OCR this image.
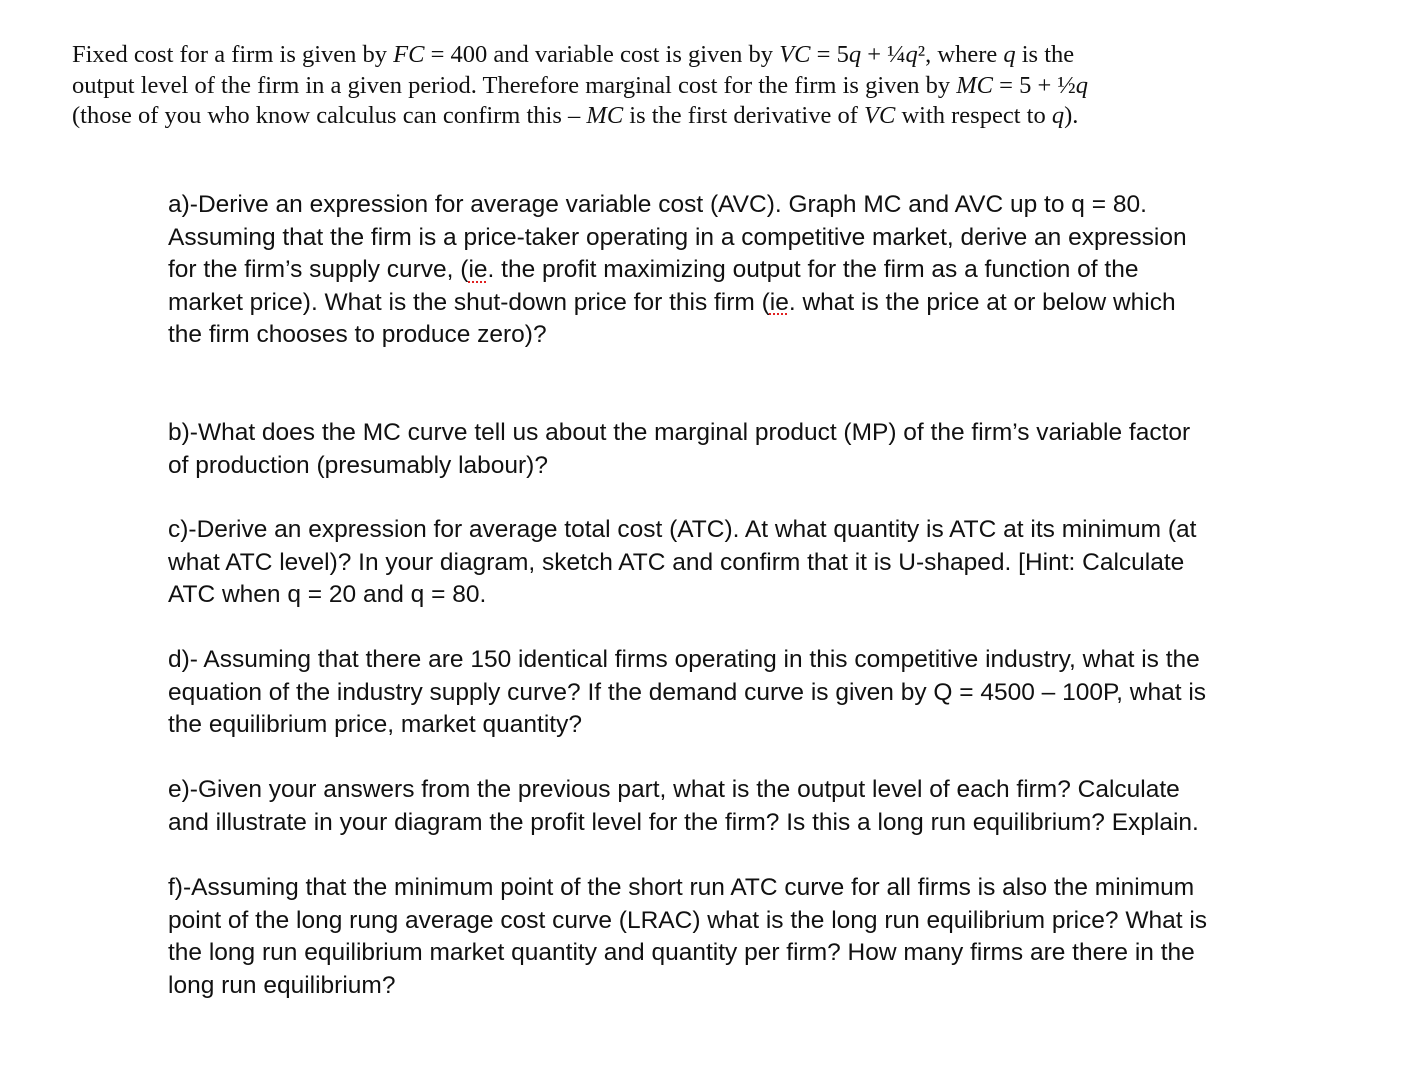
Fixed cost for a firm is given by FC = 400 and variable cost is given by VC = 5q + ¼q², where q is the
output level of the firm in a given period. Therefore marginal cost for the firm is given by MC = 5 + ½q
(those of you who know calculus can confirm this – MC is the first derivative of VC with respect to q).

a)-Derive an expression for average variable cost (AVC). Graph MC and AVC up to q = 80.
Assuming that the firm is a price-taker operating in a competitive market, derive an expression
for the firm’s supply curve, (ie. the profit maximizing output for the firm as a function of the
market price). What is the shut-down price for this firm (ie. what is the price at or below which
the firm chooses to produce zero)?

b)-What does the MC curve tell us about the marginal product (MP) of the firm’s variable factor
of production (presumably labour)?

c)-Derive an expression for average total cost (ATC). At what quantity is ATC at its minimum (at
what ATC level)? In your diagram, sketch ATC and confirm that it is U-shaped. [Hint: Calculate
ATC when q = 20 and q = 80.

d)- Assuming that there are 150 identical firms operating in this competitive industry, what is the
equation of the industry supply curve? If the demand curve is given by Q = 4500 – 100P, what is
the equilibrium price, market quantity?

e)-Given your answers from the previous part, what is the output level of each firm? Calculate
and illustrate in your diagram the profit level for the firm? Is this a long run equilibrium? Explain.

f)-Assuming that the minimum point of the short run ATC curve for all firms is also the minimum
point of the long rung average cost curve (LRAC) what is the long run equilibrium price? What is
the long run equilibrium market quantity and quantity per firm? How many firms are there in the
long run equilibrium?
